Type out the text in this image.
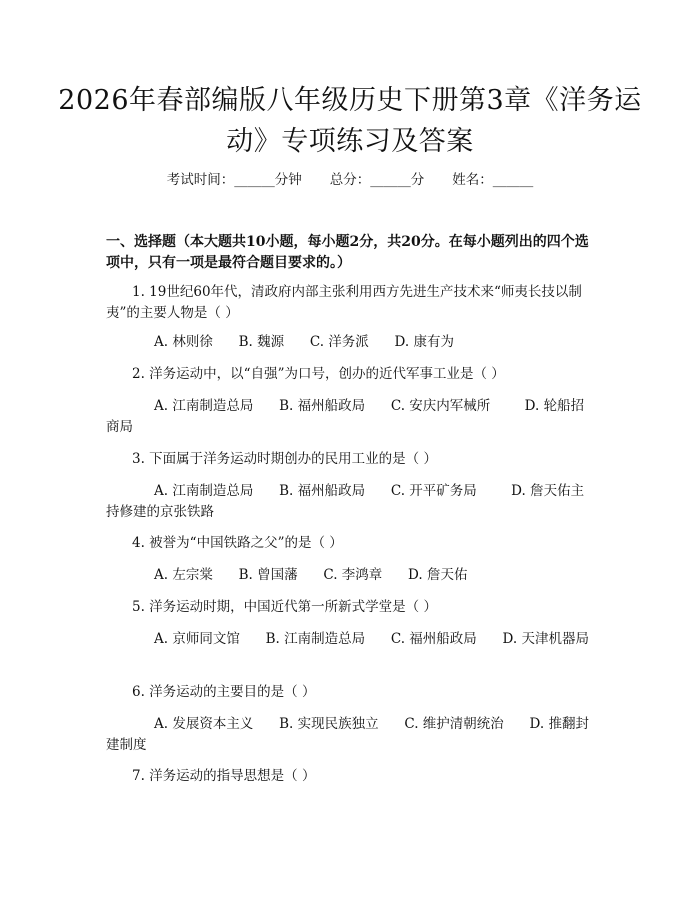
2026年春部编版八年级历史下册第3章《洋务运动》专项练习及答案
考试时间：______分钟 总分：______分 姓名：______
一、选择题（本大题共10小题，每小题2分，共20分。在每小题列出的四个选项中，只有一项是最符合题目要求的。）
1. 19世纪60年代，清政府内部主张利用西方先进生产技术来“师夷长技以制夷”的主要人物是（ ）
A. 林则徐 B. 魏源 C. 洋务派 D. 康有为
2. 洋务运动中，以“自强”为口号，创办的近代军事工业是（ ）
A. 江南制造总局 B. 福州船政局 C. 安庆内军械所	D. 轮船招商局
3. 下面属于洋务运动时期创办的民用工业的是（ ）
A. 江南制造总局 B. 福州船政局 C. 开平矿务局	D. 詹天佑主持修建的京张铁路
4. 被誉为“中国铁路之父”的是（ ）
A. 左宗棠 B. 曾国藩 C. 李鸿章 D. 詹天佑
5. 洋务运动时期，中国近代第一所新式学堂是（ ）
A. 京师同文馆 B. 江南制造总局 C. 福州船政局 D. 天津机器局
6. 洋务运动的主要目的是（ ）
A. 发展资本主义 B. 实现民族独立 C. 维护清朝统治 D. 推翻封建制度
7. 洋务运动的指导思想是（ ）
